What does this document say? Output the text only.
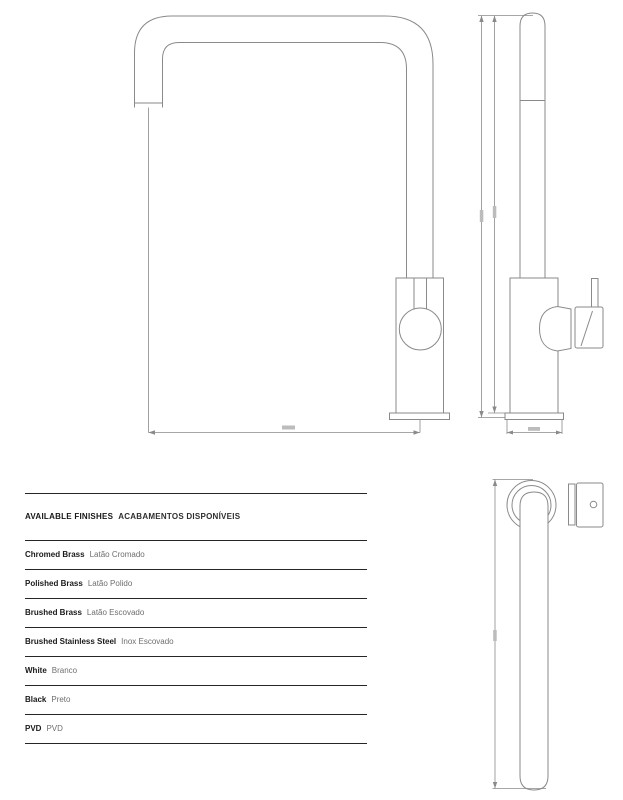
AVAILABLE FINISHES ACABAMENTOS DISPONÍVEIS
Chromed Brass Latão Cromado
Polished Brass Latão Polido
Brushed Brass Latão Escovado
Brushed Stainless Steel Inox Escovado
White Branco
Black Preto
PVD PVD
